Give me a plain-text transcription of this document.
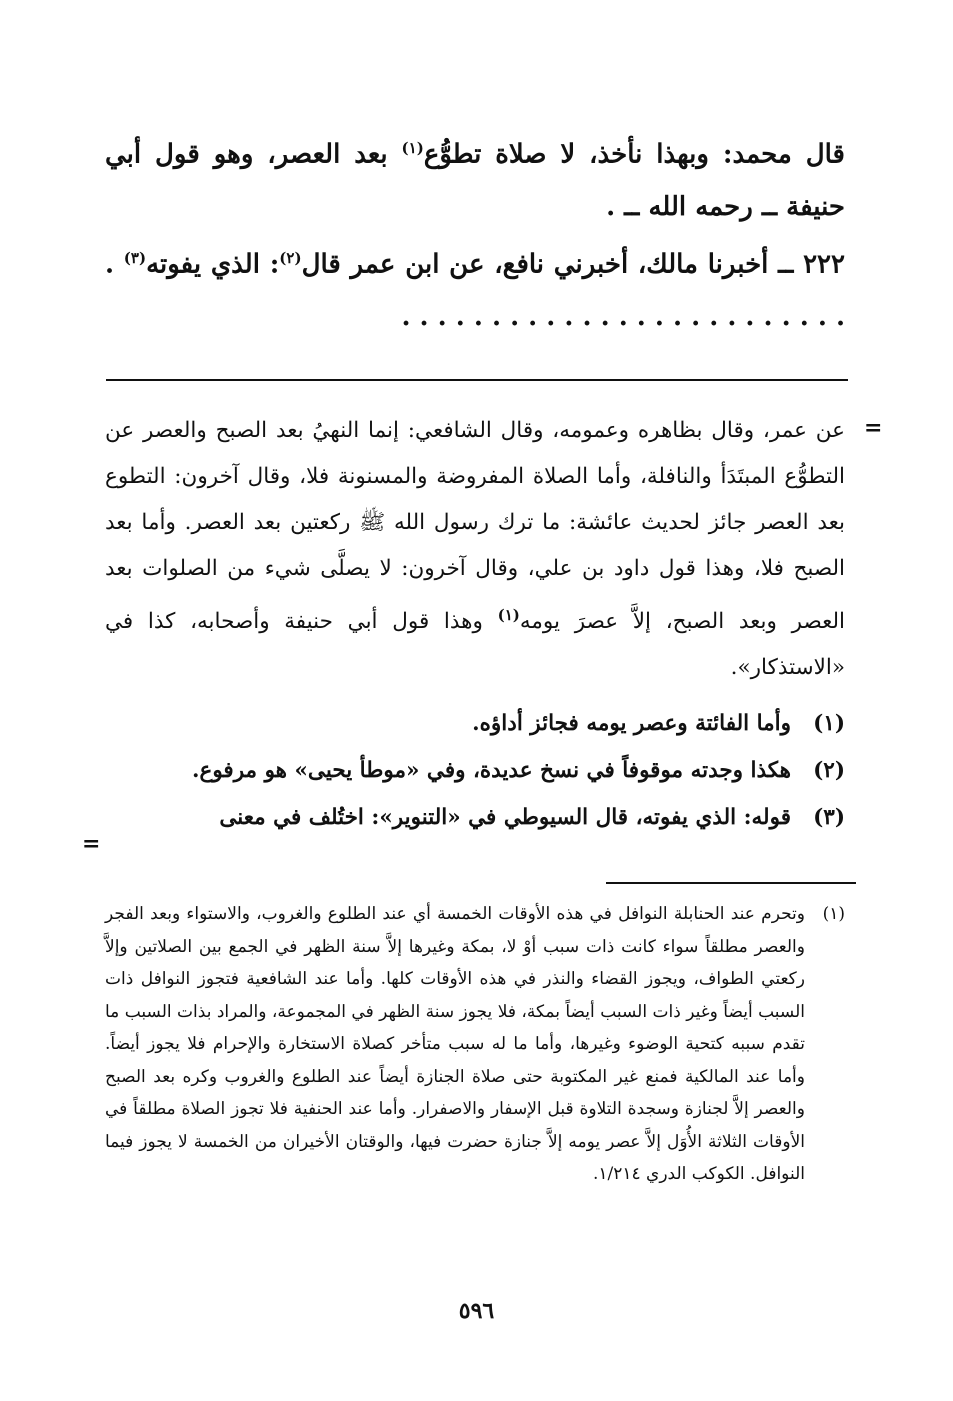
قال محمد: وبهذا نأخذ، لا صلاة تطوُّع$^{(١)}$ بعد العصر، وهو قول أبي حنيفة ــ رحمه الله ــ .
٢٢٢ ــ أخبرنا مالك، أخبرني نافع، عن ابن عمر قال$^{(٢)}$: الذي يفوته$^{(٣)}$ . . . . . . . . . . . . . . . . . . . . . . . . . .
=
عن عمر، وقال بظاهره وعمومه، وقال الشافعي: إنما النهيُ بعد الصبح والعصر عن التطوُّع المبتَدَأ والنافلة، وأما الصلاة المفروضة والمسنونة فلا، وقال آخرون: التطوع بعد العصر جائز لحديث عائشة: ما ترك رسول الله ﷺ ركعتين بعد العصر. وأما بعد الصبح فلا، وهذا قول داود بن علي، وقال آخرون: لا يصلَّى شيء من الصلوات بعد العصر وبعد الصبح، إلاَّ عصرَ يومه$^{(١)}$ وهذا قول أبي حنيفة وأصحابه، كذا في «الاستذكار».
(١)
وأما الفائتة وعصر يومه فجائز أداؤه.
(٢)
هكذا وجدته موقوفاً في نسخ عديدة، وفي «موطأ يحيى» هو مرفوع.
(٣)
قوله: الذي يفوته، قال السيوطي في «التنوير»: اختُلف في معنى
=
(١)
وتحرم عند الحنابلة النوافل في هذه الأوقات الخمسة أي عند الطلوع والغروب، والاستواء وبعد الفجر والعصر مطلقاً سواء كانت ذات سبب أوْ لا، بمكة وغيرها إلاَّ سنة الظهر في الجمع بين الصلاتين وإلاَّ ركعتي الطواف، ويجوز القضاء والنذر في هذه الأوقات كلها. وأما عند الشافعية فتجوز النوافل ذات السبب أيضاً وغير ذات السبب أيضاً بمكة، فلا يجوز سنة الظهر في المجموعة، والمراد بذات السبب ما تقدم سببه كتحية الوضوء وغيرها، وأما ما له سبب متأخر كصلاة الاستخارة والإحرام فلا يجوز أيضاً. وأما عند المالكية فمنع غير المكتوبة حتى صلاة الجنازة أيضاً عند الطلوع والغروب وكره بعد الصبح والعصر إلاَّ لجنازة وسجدة التلاوة قبل الإسفار والاصفرار. وأما عند الحنفية فلا تجوز الصلاة مطلقاً في الأوقات الثلاثة الأُوَل إلاَّ عصر يومه إلاَّ جنازة حضرت فيها، والوقتان الأخيران من الخمسة لا يجوز فيما النوافل. الكوكب الدري ١/٢١٤.
٥٩٦
